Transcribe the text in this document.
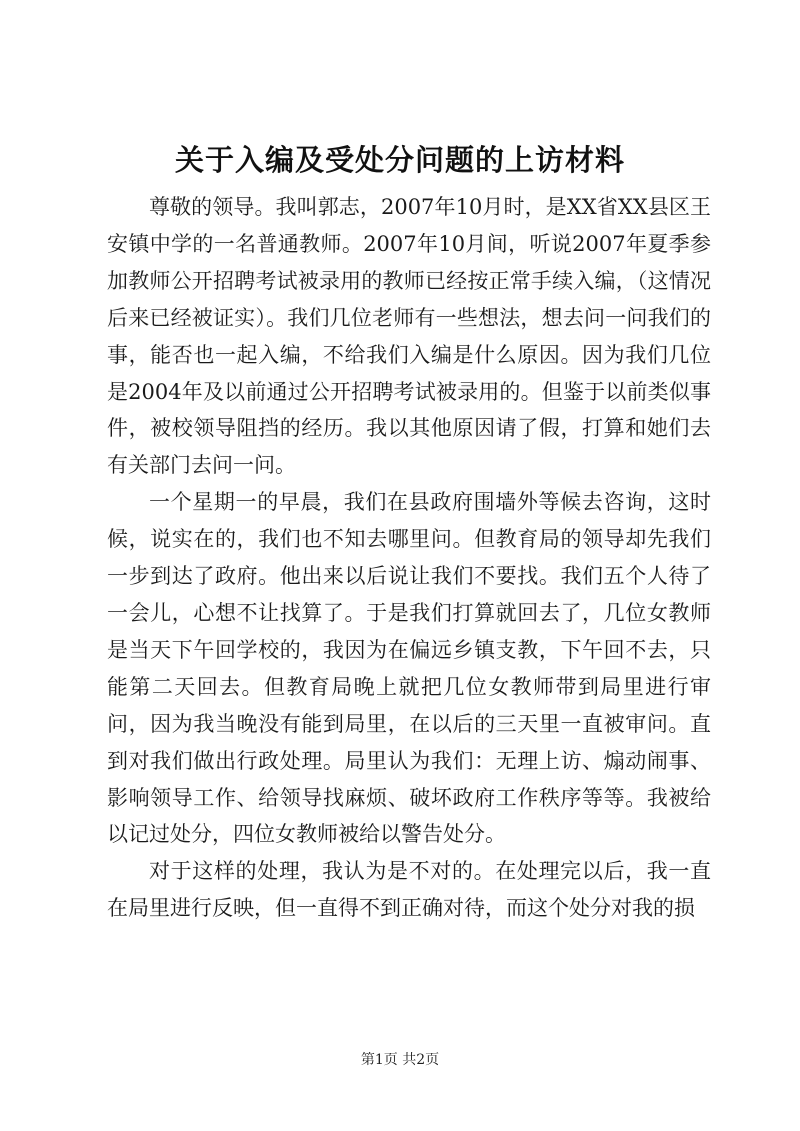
关于入编及受处分问题的上访材料

尊敬的领导。我叫郭志，2007年10月时，是XX省XX县区王安镇中学的一名普通教师。2007年10月间，听说2007年夏季参加教师公开招聘考试被录用的教师已经按正常手续入编，（这情况后来已经被证实）。我们几位老师有一些想法，想去问一问我们的事，能否也一起入编，不给我们入编是什么原因。因为我们几位是2004年及以前通过公开招聘考试被录用的。但鉴于以前类似事件，被校领导阻挡的经历。我以其他原因请了假，打算和她们去有关部门去问一问。

一个星期一的早晨，我们在县政府围墙外等候去咨询，这时候，说实在的，我们也不知去哪里问。但教育局的领导却先我们一步到达了政府。他出来以后说让我们不要找。我们五个人待了一会儿，心想不让找算了。于是我们打算就回去了，几位女教师是当天下午回学校的，我因为在偏远乡镇支教，下午回不去，只能第二天回去。但教育局晚上就把几位女教师带到局里进行审问，因为我当晚没有能到局里，在以后的三天里一直被审问。直到对我们做出行政处理。局里认为我们：无理上访、煽动闹事、影响领导工作、给领导找麻烦、破坏政府工作秩序等等。我被给以记过处分，四位女教师被给以警告处分。

对于这样的处理，我认为是不对的。在处理完以后，我一直在局里进行反映，但一直得不到正确对待，而这个处分对我的损

第1页 共2页
